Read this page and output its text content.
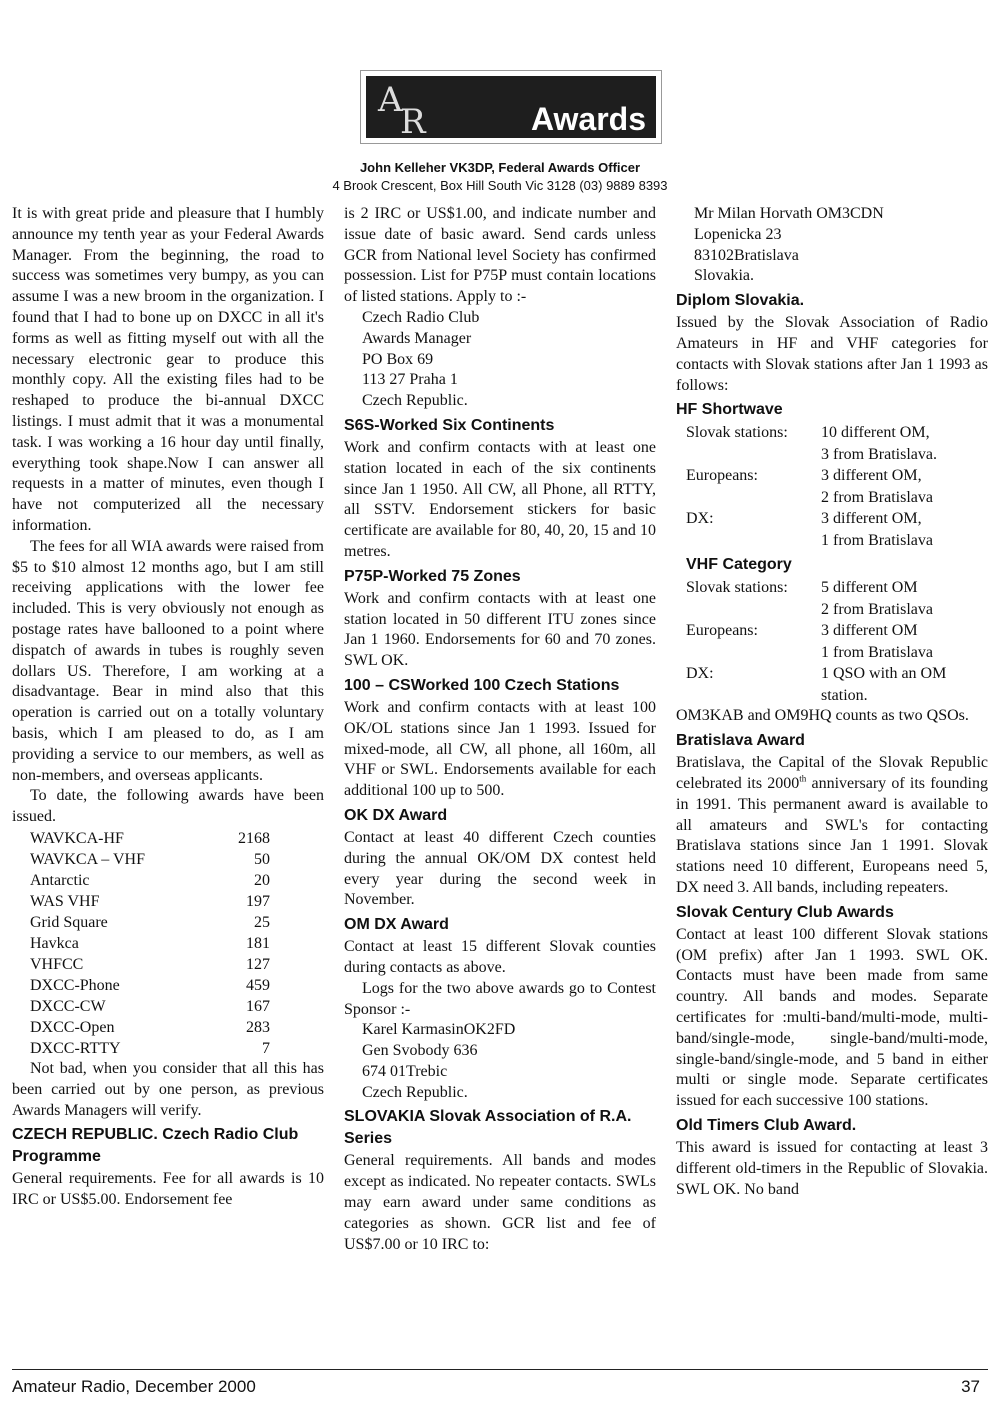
A
R	Awards
John Kelleher VK3DP, Federal Awards Officer
4 Brook Crescent, Box Hill South Vic 3128 (03) 9889 8393

It is with great pride and pleasure that I humbly announce my tenth year as your Federal Awards Manager. From the beginning, the road to success was sometimes very bumpy, as you can assume I was a new broom in the organization. I found that I had to bone up on DXCC in all it's forms as well as fitting myself out with all the necessary electronic gear to produce this monthly copy. All the existing files had to be reshaped to produce the bi-annual DXCC listings. I must admit that it was a monumental task. I was working a 16 hour day until finally, everything took shape.Now I can answer all requests in a matter of minutes, even though I have not computerized all the necessary information.

The fees for all WIA awards were raised from $5 to $10 almost 12 months ago, but I am still receiving applications with the lower fee included. This is very obviously not enough as postage rates have ballooned to a point where dispatch of awards in tubes is roughly seven dollars US. Therefore, I am working at a disadvantage. Bear in mind also that this operation is carried out on a totally voluntary basis, which I am pleased to do, as I am providing a service to our members, as well as non-members, and overseas applicants.

To date, the following awards have been issued.

WAVKCA-HF	2168
WAVKCA – VHF	50
Antarctic	20
WAS VHF	197
Grid Square	25
Havkca	181
VHFCC	127
DXCC-Phone	459
DXCC-CW	167
DXCC-Open	283
DXCC-RTTY	7

Not bad, when you consider that all this has been carried out by one person, as previous Awards Managers will verify.

CZECH REPUBLIC. Czech Radio Club Programme

General requirements. Fee for all awards is 10 IRC or US$5.00. Endorsement fee

is 2 IRC or US$1.00, and indicate number and issue date of basic award. Send cards unless GCR from National level Society has confirmed possession. List for P75P must contain locations of listed stations. Apply to :-

Czech Radio Club
Awards Manager
PO Box 69
113 27 Praha 1
Czech Republic.
S6S-Worked Six Continents

Work and confirm contacts with at least one station located in each of the six continents since Jan 1 1950. All CW, all Phone, all RTTY, all SSTV. Endorsement stickers for basic certificate are available for 80, 40, 20, 15 and 10 metres.

P75P-Worked 75 Zones

Work and confirm contacts with at least one station located in 50 different ITU zones since Jan 1 1960. Endorsements for 60 and 70 zones. SWL OK.

100 – CSWorked 100 Czech Stations

Work and confirm contacts with at least 100 OK/OL stations since Jan 1 1993. Issued for mixed-mode, all CW, all phone, all 160m, all VHF or SWL. Endorsements available for each additional 100 up to 500.

OK DX Award

Contact at least 40 different Czech counties during the annual OK/OM DX contest held every year during the second week in November.

OM DX Award

Contact at least 15 different Slovak counties during contacts as above.

Logs for the two above awards go to Contest Sponsor :-

Karel KarmasinOK2FD
Gen Svobody 636
674 01Trebic
Czech Republic.
SLOVAKIA Slovak Association of R.A. Series

General requirements. All bands and modes except as indicated. No repeater contacts. SWLs may earn award under same conditions as categories as shown. GCR list and fee of US$7.00 or 10 IRC to:

Mr Milan Horvath OM3CDN
Lopenicka 23
83102Bratislava
Slovakia.
Diplom Slovakia.

Issued by the Slovak Association of Radio Amateurs in HF and VHF categories for contacts with Slovak stations after Jan 1 1993 as follows:

HF Shortwave
Slovak stations:	10 different OM,
3 from Bratislava.

Europeans:	3 different OM,
2 from Bratislava

DX:	3 different OM,
1 from Bratislava
VHF Category
Slovak stations:	5 different OM
2 from Bratislava

Europeans:	3 different OM
1 from Bratislava

DX:	1 QSO with an OM
station.

OM3KAB and OM9HQ counts as two QSOs.

Bratislava Award

Bratislava, the Capital of the Slovak Republic celebrated its 2000th anniversary of its founding in 1991. This permanent award is available to all amateurs and SWL's for contacting Bratislava stations since Jan 1 1991. Slovak stations need 10 different, Europeans need 5, DX need 3. All bands, including repeaters.

Slovak Century Club Awards

Contact at least 100 different Slovak stations (OM prefix) after Jan 1 1993. SWL OK. Contacts must have been made from same country. All bands and modes. Separate certificates for :multi-band/multi-mode, multi-band/single-mode, single-band/multi-mode, single-band/single-mode, and 5 band in either multi or single mode. Separate certificates issued for each successive 100 stations.

Old Timers Club Award.

This award is issued for contacting at least 3 different old-timers in the Republic of Slovakia. SWL OK. No band

Amateur Radio, December 2000	37
